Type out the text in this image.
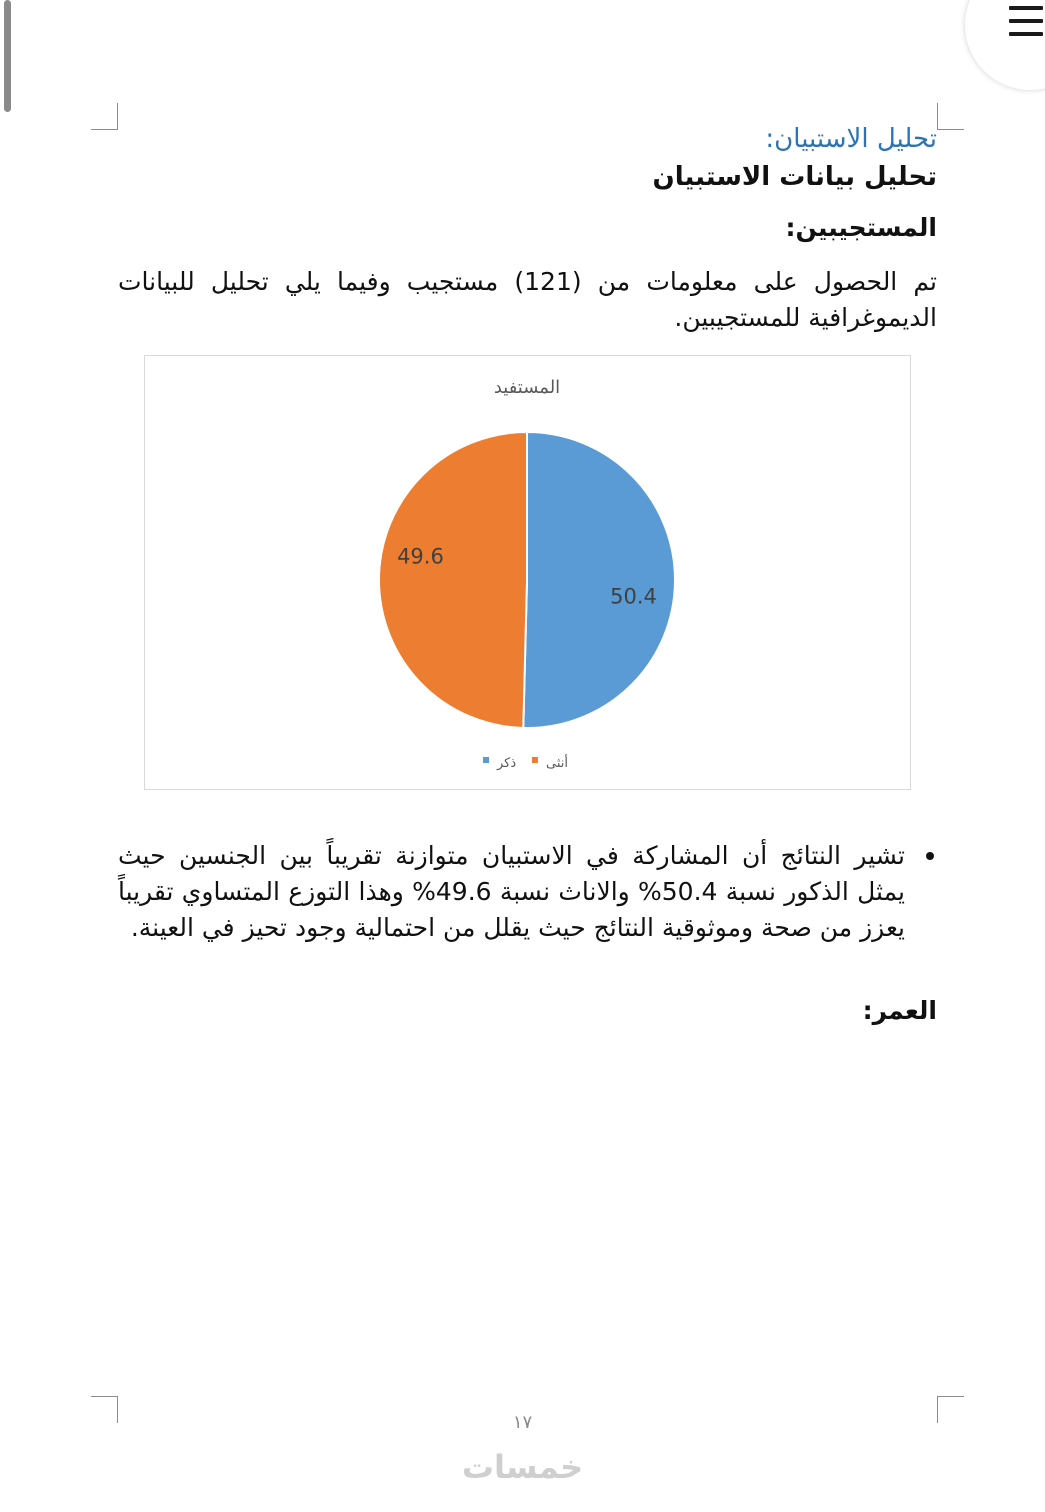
تحليل الاستبيان:
تحليل بيانات الاستبيان
المستجيبين:
تم الحصول على معلومات من (121) مستجيب وفيما يلي تحليل للبيانات الديموغرافية للمستجيبين.
المستفيد
50.4
49.6
ذكر أنثى
تشير النتائج أن المشاركة في الاستبيان متوازنة تقريباً بين الجنسين حيث يمثل الذكور نسبة 50.4% والاناث نسبة 49.6% وهذا التوزع المتساوي تقريباً يعزز من صحة وموثوقية النتائج حيث يقلل من احتمالية وجود تحيز في العينة.
العمر:
١٧
خمسات
